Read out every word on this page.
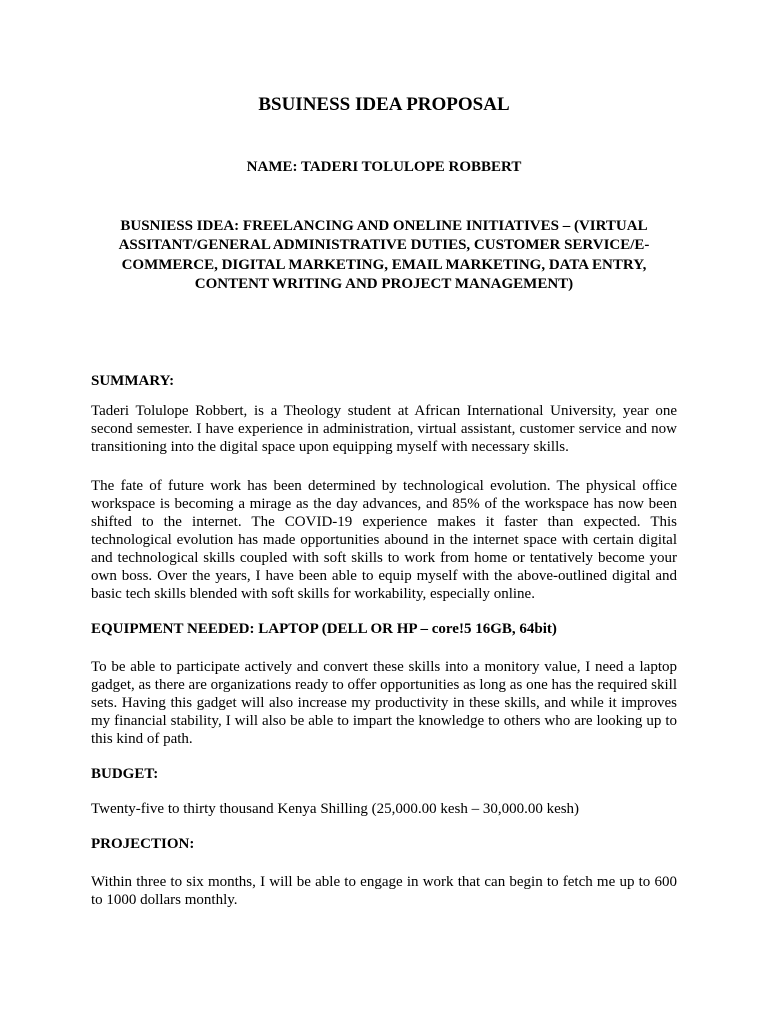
BSUINESS IDEA PROPOSAL
NAME: TADERI TOLULOPE ROBBERT
BUSNIESS IDEA: FREELANCING AND ONELINE INITIATIVES – (VIRTUAL ASSITANT/GENERAL ADMINISTRATIVE DUTIES, CUSTOMER SERVICE/E-COMMERCE, DIGITAL MARKETING, EMAIL MARKETING, DATA ENTRY, CONTENT WRITING AND PROJECT MANAGEMENT)
SUMMARY:
Taderi Tolulope Robbert, is a Theology student at African International University, year one second semester. I have experience in administration, virtual assistant, customer service and now transitioning into the digital space upon equipping myself with necessary skills.
The fate of future work has been determined by technological evolution. The physical office workspace is becoming a mirage as the day advances, and 85% of the workspace has now been shifted to the internet. The COVID-19 experience makes it faster than expected. This technological evolution has made opportunities abound in the internet space with certain digital and technological skills coupled with soft skills to work from home or tentatively become your own boss. Over the years, I have been able to equip myself with the above-outlined digital and basic tech skills blended with soft skills for workability, especially online.
EQUIPMENT NEEDED: LAPTOP (DELL OR HP – core!5 16GB, 64bit)
To be able to participate actively and convert these skills into a monitory value, I need a laptop gadget, as there are organizations ready to offer opportunities as long as one has the required skill sets. Having this gadget will also increase my productivity in these skills, and while it improves my financial stability, I will also be able to impart the knowledge to others who are looking up to this kind of path.
BUDGET:
Twenty-five to thirty thousand Kenya Shilling (25,000.00 kesh – 30,000.00 kesh)
PROJECTION:
Within three to six months, I will be able to engage in work that can begin to fetch me up to 600 to 1000 dollars monthly.
